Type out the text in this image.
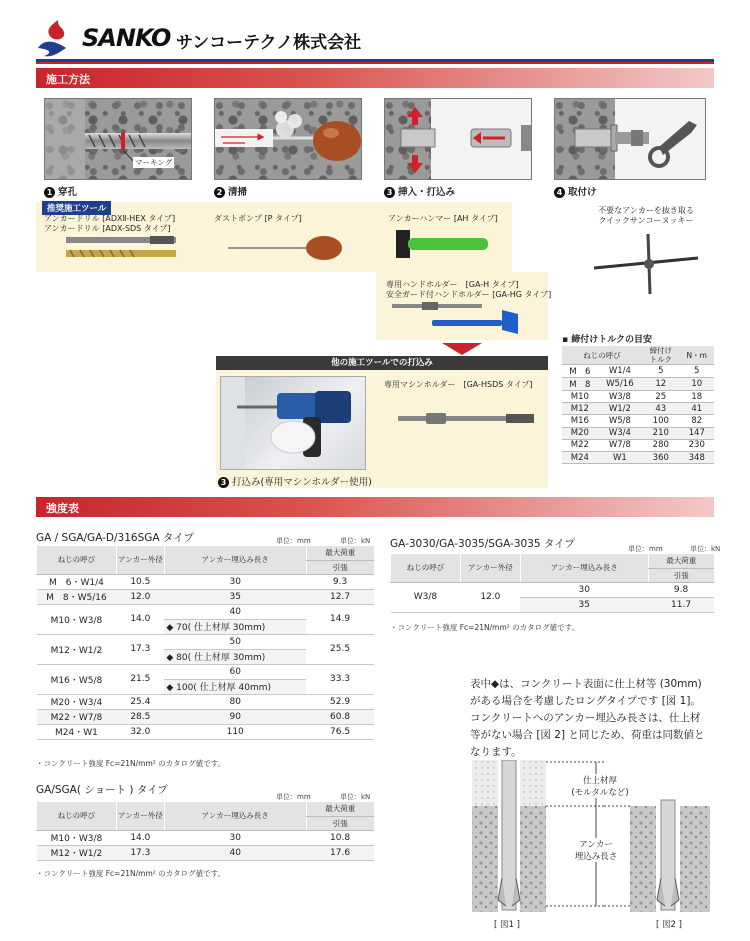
SANKO サンコーテクノ株式会社
施工方法
マーキング
1 穿孔	2 清掃	3 挿入・打込み	4 取付け
推奨施工ツール
アンカードリル [ADXⅡ-HEX タイプ]
アンカードリル [ADX-SDS タイプ]
ダストポンプ [P タイプ]	アンカーハンマー [AH タイプ]
不要なアンカーを抜き取る
クイックサンコーヌッキー
専用ハンドホルダー　[GA-H タイプ]
安全ガード付ハンドホルダー [GA-HG タイプ]
他の施工ツールでの打込み
専用マシンホルダー　[GA-HSDS タイプ]
3 打込み(専用マシンホルダー使用)
▪ 締付けトルクの目安
ねじの呼び		締付け
トルク	N・m
M　6	W1/4	5	5
M　8	W5/16	12	10
M10	W3/8	25	18
M12	W1/2	43	41
M16	W5/8	100	82
M20	W3/4	210	147
M22	W7/8	280	230
M24	W1	360	348
強度表
GA / SGA/GA-D/316SGA タイプ	単位：mm	単位：kN
ねじの呼び	アンカー外径	アンカー埋込み長さ	最大荷重
			引張
M　6・W1/4	10.5	30	9.3
M　8・W5/16	12.0	35	12.7
M10・W3/8	14.0	40	14.9
		◆ 70( 仕上材厚 30mm)	
M12・W1/2	17.3	50	25.5
		◆ 80( 仕上材厚 30mm)	
M16・W5/8	21.5	60	33.3
		◆ 100( 仕上材厚 40mm)	
M20・W3/4	25.4	80	52.9
M22・W7/8	28.5	90	60.8
M24・W1	32.0	110	76.5
・コンクリート強度 Fc=21N/mm² のカタログ値です。
GA-3030/GA-3035/SGA-3035 タイプ	単位：mm	単位：kN
ねじの呼び	アンカー外径	アンカー埋込み長さ	最大荷重
			引張
W3/8	12.0	30	9.8
		35	11.7
・コンクリート強度 Fc=21N/mm² のカタログ値です。
GA/SGA( ショート ) タイプ
単位：mm	単位：kN
ねじの呼び	アンカー外径	アンカー埋込み長さ	最大荷重
			引張
M10・W3/8	14.0	30	10.8
M12・W1/2	17.3	40	17.6
・コンクリート強度 Fc=21N/mm² のカタログ値です。
表中◆は、コンクリート表面に仕上材等 (30mm)
がある場合を考慮したロングタイプです [図 1]。
コンクリートへのアンカー埋込み長さは、仕上材
等がない場合 [図 2] と同じため、荷重は同数値と
なります。
仕上材厚
(モルタルなど)
アンカー
埋込み長さ
[ 図1 ]	[ 図2 ]
